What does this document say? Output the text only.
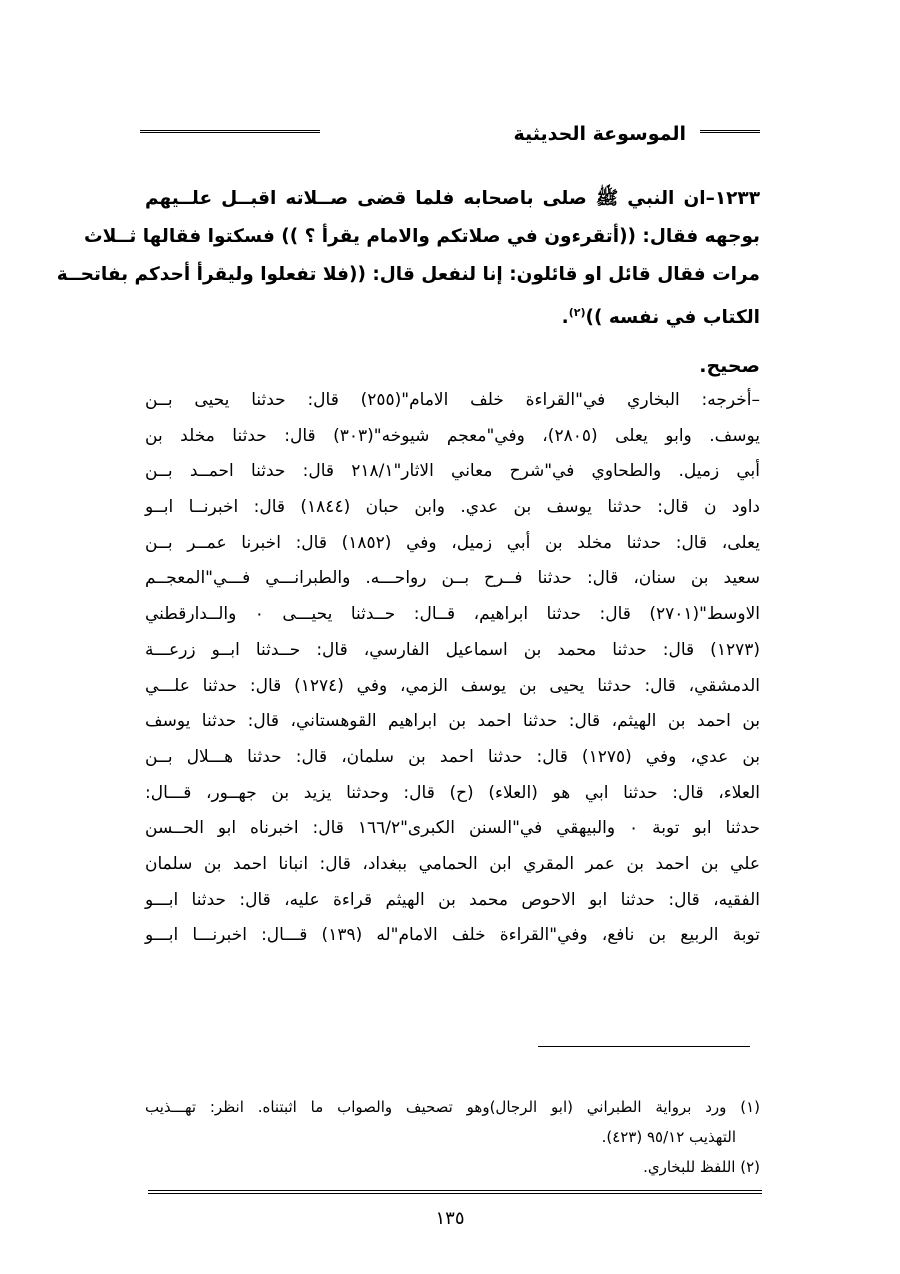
الموسوعة الحديثية
١٢٣٣–ان النبي ﷺ صلى باصحابه فلما قضى صــلاته اقبــل علــيهم
بوجهه فقال: ((أتقرءون في صلاتكم والامام يقرأ ؟ )) فسكتوا فقالها ثــلاث
مرات فقال قائل او قائلون: إنا لنفعل قال: ((فلا تفعلوا وليقرأ أحدكم بفاتحــة
الكتاب في نفسه ))$^{(٢)}$.
صحيح.
–أخرجه: البخاري في"القراءة خلف الامام"(٢٥٥) قال: حدثنا يحيى بــن
يوسف. وابو يعلى (٢٨٠٥)، وفي"معجم شيوخه"(٣٠٣) قال: حدثنا مخلد بن
أبي زميل. والطحاوي في"شرح معاني الاثار"٢١٨/١ قال: حدثنا احمــد بــن
داود ن قال: حدثنا يوسف بن عدي. وابن حبان (١٨٤٤) قال: اخبرنــا ابــو
يعلى، قال: حدثنا مخلد بن أبي زميل، وفي (١٨٥٢) قال: اخبرنا عمــر بــن
سعيد بن سنان، قال: حدثنا فــرح بــن رواحـــه. والطبرانـــي فـــي"المعجــم
الاوسط"(٢٧٠١) قال: حدثنا ابراهيم، قــال: حــدثنا يحيـــى ٠ والــدارقطني
(١٢٧٣) قال: حدثنا محمد بن اسماعيل الفارسي، قال: حــدثنا ابــو زرعـــة
الدمشقي، قال: حدثنا يحيى بن يوسف الزمي، وفي (١٢٧٤) قال: حدثنا علـــي
بن احمد بن الهيثم، قال: حدثنا احمد بن ابراهيم القوهستاني، قال: حدثنا يوسف
بن عدي، وفي (١٢٧٥) قال: حدثنا احمد بن سلمان، قال: حدثنا هـــلال بــن
العلاء، قال: حدثنا ابي هو (العلاء) (ح) قال: وحدثنا يزيد بن جهــور، قـــال:
حدثنا ابو توبة ٠ والبيهقي في"السنن الكبرى"١٦٦/٢ قال: اخبرناه ابو الحــسن
علي بن احمد بن عمر المقري ابن الحمامي ببغداد، قال: انبانا احمد بن سلمان
الفقيه، قال: حدثنا ابو الاحوص محمد بن الهيثم قراءة عليه، قال: حدثنا ابـــو
توبة الربيع بن نافع، وفي"القراءة خلف الامام"له (١٣٩) قـــال: اخبرنـــا ابـــو
(١) ورد برواية الطبراني (ابو الرجال)وهو تصحيف والصواب ما اثبتناه. انظر: تهـــذيب
التهذيب ٩٥/١٢ (٤٢٣).
(٢) اللفظ للبخاري.
١٣٥
